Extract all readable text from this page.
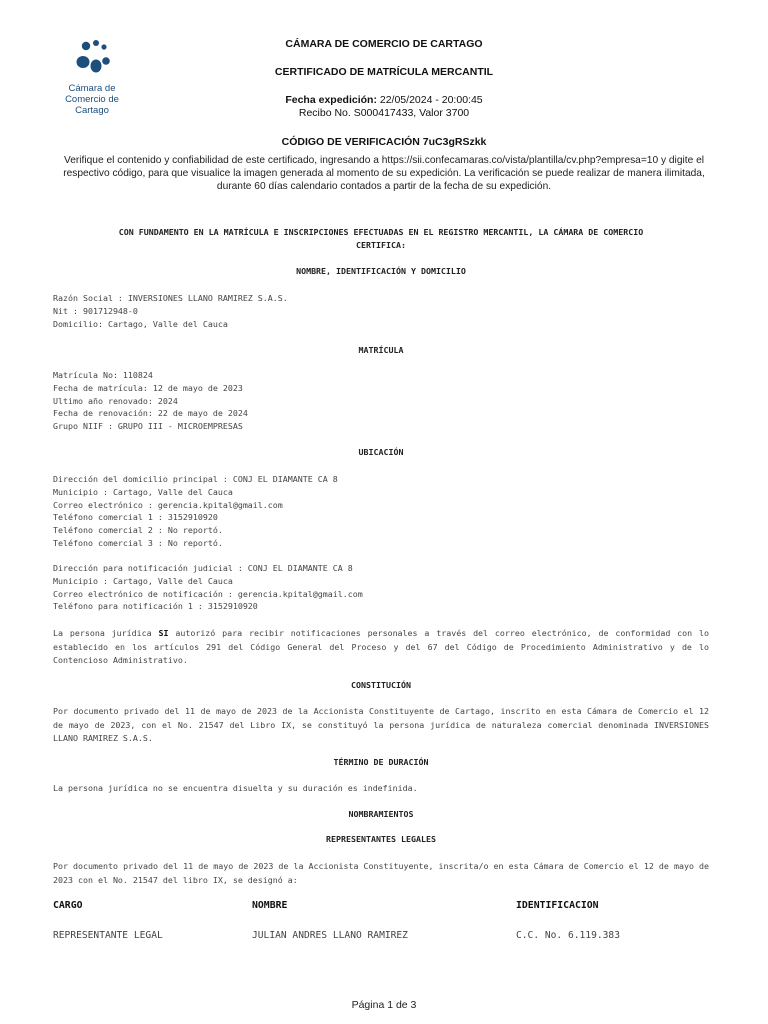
Cámara de
Comercio de
Cartago
CÁMARA DE COMERCIO DE CARTAGO
CERTIFICADO DE MATRÍCULA MERCANTIL
Fecha expedición: 22/05/2024 - 20:00:45
Recibo No. S000417433, Valor 3700
CÓDIGO DE VERIFICACIÓN 7uC3gRSzkk
Verifique el contenido y confiabilidad de este certificado, ingresando a https://sii.confecamaras.co/vista/plantilla/cv.php?empresa=10 y digite el respectivo código, para que visualice la imagen generada al momento de su expedición. La verificación se puede realizar de manera ilimitada, durante 60 días calendario contados a partir de la fecha de su expedición.
CON FUNDAMENTO EN LA MATRÍCULA E INSCRIPCIONES EFECTUADAS EN EL REGISTRO MERCANTIL, LA CÁMARA DE COMERCIO
CERTIFICA:
NOMBRE, IDENTIFICACIÓN Y DOMICILIO
Razón Social : INVERSIONES LLANO RAMIREZ S.A.S.
Nit : 901712948-0
Domicilio: Cartago, Valle del Cauca
MATRÍCULA
Matrícula No: 110824
Fecha de matrícula: 12 de mayo de 2023
Ultimo año renovado: 2024
Fecha de renovación: 22 de mayo de 2024
Grupo NIIF : GRUPO III - MICROEMPRESAS
UBICACIÓN
Dirección del domicilio principal : CONJ EL DIAMANTE CA 8
Municipio : Cartago, Valle del Cauca
Correo electrónico : gerencia.kpital@gmail.com
Teléfono comercial 1 : 3152910920
Teléfono comercial 2 : No reportó.
Teléfono comercial 3 : No reportó.
Dirección para notificación judicial : CONJ EL DIAMANTE CA 8
Municipio : Cartago, Valle del Cauca
Correo electrónico de notificación : gerencia.kpital@gmail.com
Teléfono para notificación 1 : 3152910920
La persona jurídica SI autorizó para recibir notificaciones personales a través del correo electrónico, de conformidad con lo establecido en los artículos 291 del Código General del Proceso y del 67 del Código de Procedimiento Administrativo y de lo Contencioso Administrativo.
CONSTITUCIÓN
Por documento privado del 11 de mayo de 2023 de la Accionista Constituyente de Cartago, inscrito en esta Cámara de Comercio el 12 de mayo de 2023, con el No. 21547 del Libro IX, se constituyó la persona jurídica de naturaleza comercial denominada INVERSIONES LLANO RAMIREZ S.A.S.
TÉRMINO DE DURACIÓN
La persona jurídica no se encuentra disuelta y su duración es indefinida.
NOMBRAMIENTOS
REPRESENTANTES LEGALES
Por documento privado del 11 de mayo de 2023 de la Accionista Constituyente, inscrita/o en esta Cámara de Comercio el 12 de mayo de 2023 con el No. 21547 del libro IX, se designó a:
CARGO	NOMBRE	IDENTIFICACION
REPRESENTANTE LEGAL	JULIAN ANDRES LLANO RAMIREZ	C.C. No. 6.119.383
Página 1 de 3
